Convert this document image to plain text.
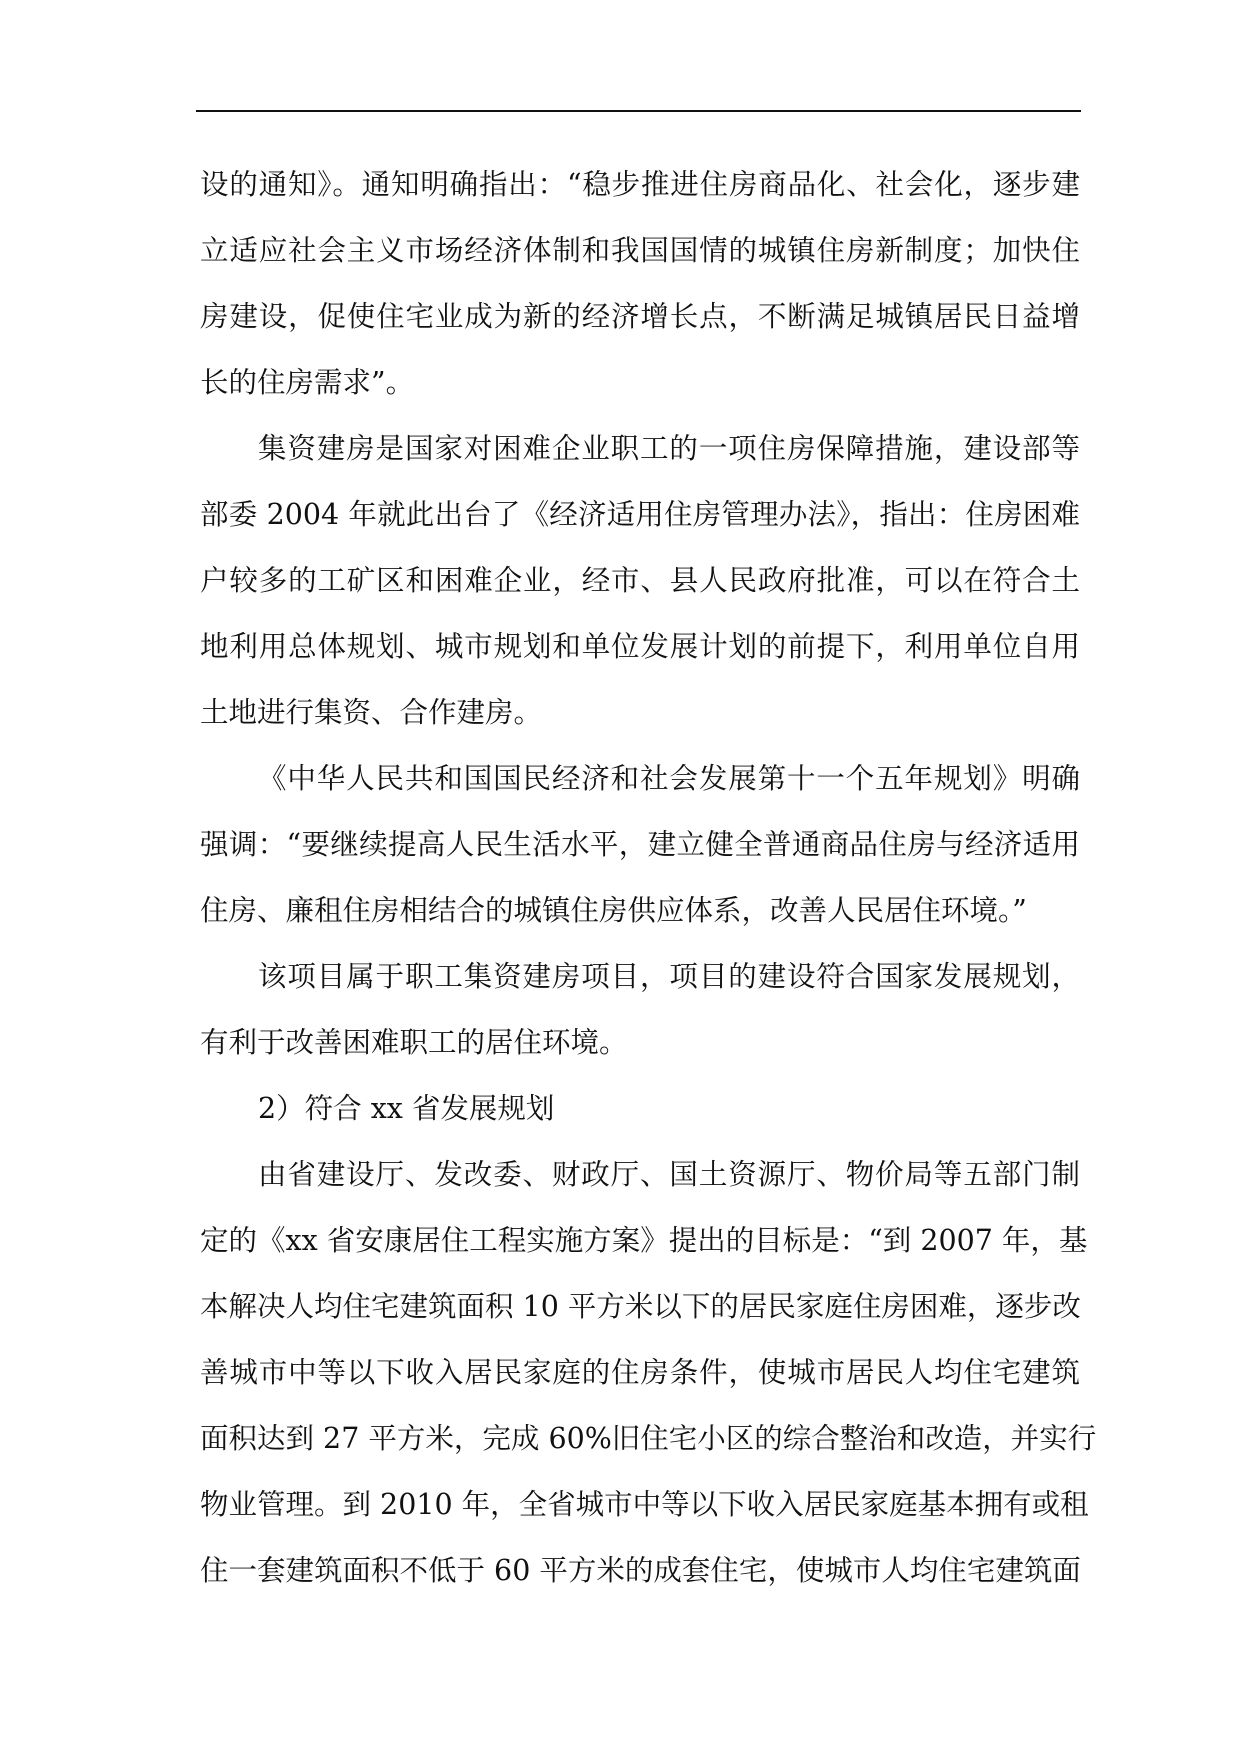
设的通知》。通知明确指出：“稳步推进住房商品化、社会化，逐步建
立适应社会主义市场经济体制和我国国情的城镇住房新制度；加快住
房建设，促使住宅业成为新的经济增长点，不断满足城镇居民日益增
长的住房需求”。
集资建房是国家对困难企业职工的一项住房保障措施，建设部等
部委 2004 年就此出台了《经济适用住房管理办法》，指出：住房困难
户较多的工矿区和困难企业，经市、县人民政府批准，可以在符合土
地利用总体规划、城市规划和单位发展计划的前提下，利用单位自用
土地进行集资、合作建房。
《中华人民共和国国民经济和社会发展第十一个五年规划》明确
强调：“要继续提高人民生活水平，建立健全普通商品住房与经济适用
住房、廉租住房相结合的城镇住房供应体系，改善人民居住环境。”
该项目属于职工集资建房项目，项目的建设符合国家发展规划，
有利于改善困难职工的居住环境。
2）符合 xx 省发展规划
由省建设厅、发改委、财政厅、国土资源厅、物价局等五部门制
定的《xx 省安康居住工程实施方案》提出的目标是：“到 2007 年，基
本解决人均住宅建筑面积 10 平方米以下的居民家庭住房困难，逐步改
善城市中等以下收入居民家庭的住房条件，使城市居民人均住宅建筑
面积达到 27 平方米，完成 60%旧住宅小区的综合整治和改造，并实行
物业管理。到 2010 年，全省城市中等以下收入居民家庭基本拥有或租
住一套建筑面积不低于 60 平方米的成套住宅，使城市人均住宅建筑面
